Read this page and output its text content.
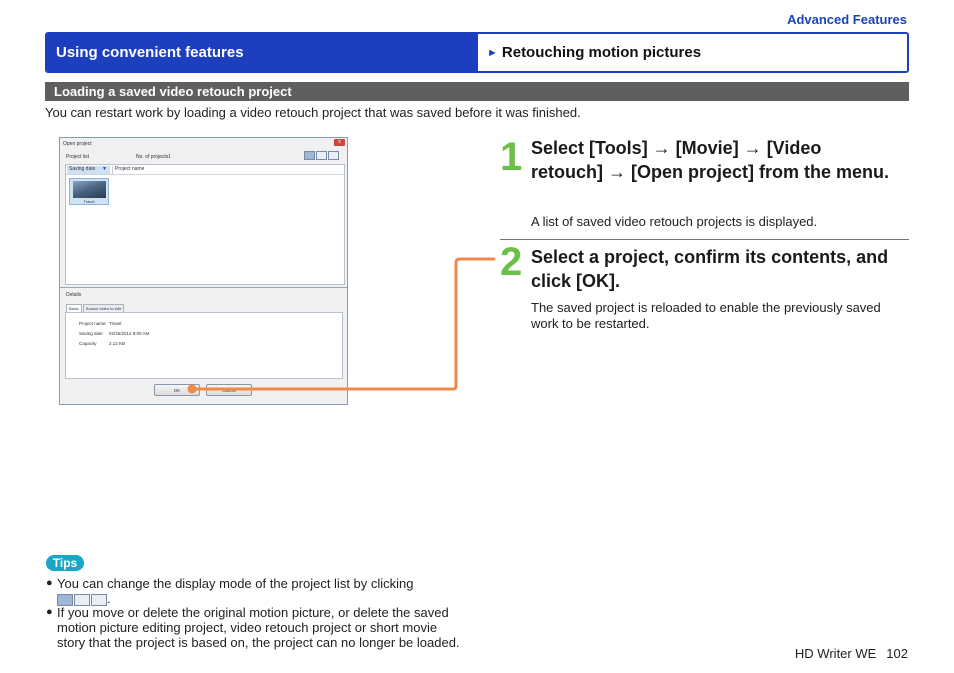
Advanced Features
Using convenient features	► Retouching motion pictures
Loading a saved video retouch project
You can restart work by loading a video retouch project that was saved before it was finished.
Open project	x
Project list	No. of projects 1
Saving date ▼	Project name
Travel
Details
Basic	Source video to edit
Project name Travel
Saving date 02/26/2012 8:00 AM
Capacity	2.12 KB
OK	Cancel
1 Select [Tools] → [Movie] → [Video retouch] → [Open project] from the menu.
A list of saved video retouch projects is displayed.
2 Select a project, confirm its contents, and click [OK].
The saved project is reloaded to enable the previously saved work to be restarted.
Tips
● You can change the display mode of the project list by clicking

.
● If you move or delete the original motion picture, or delete the saved motion picture editing project, video retouch project or short movie story that the project is based on, the project can no longer be loaded.
HD Writer WE 102
